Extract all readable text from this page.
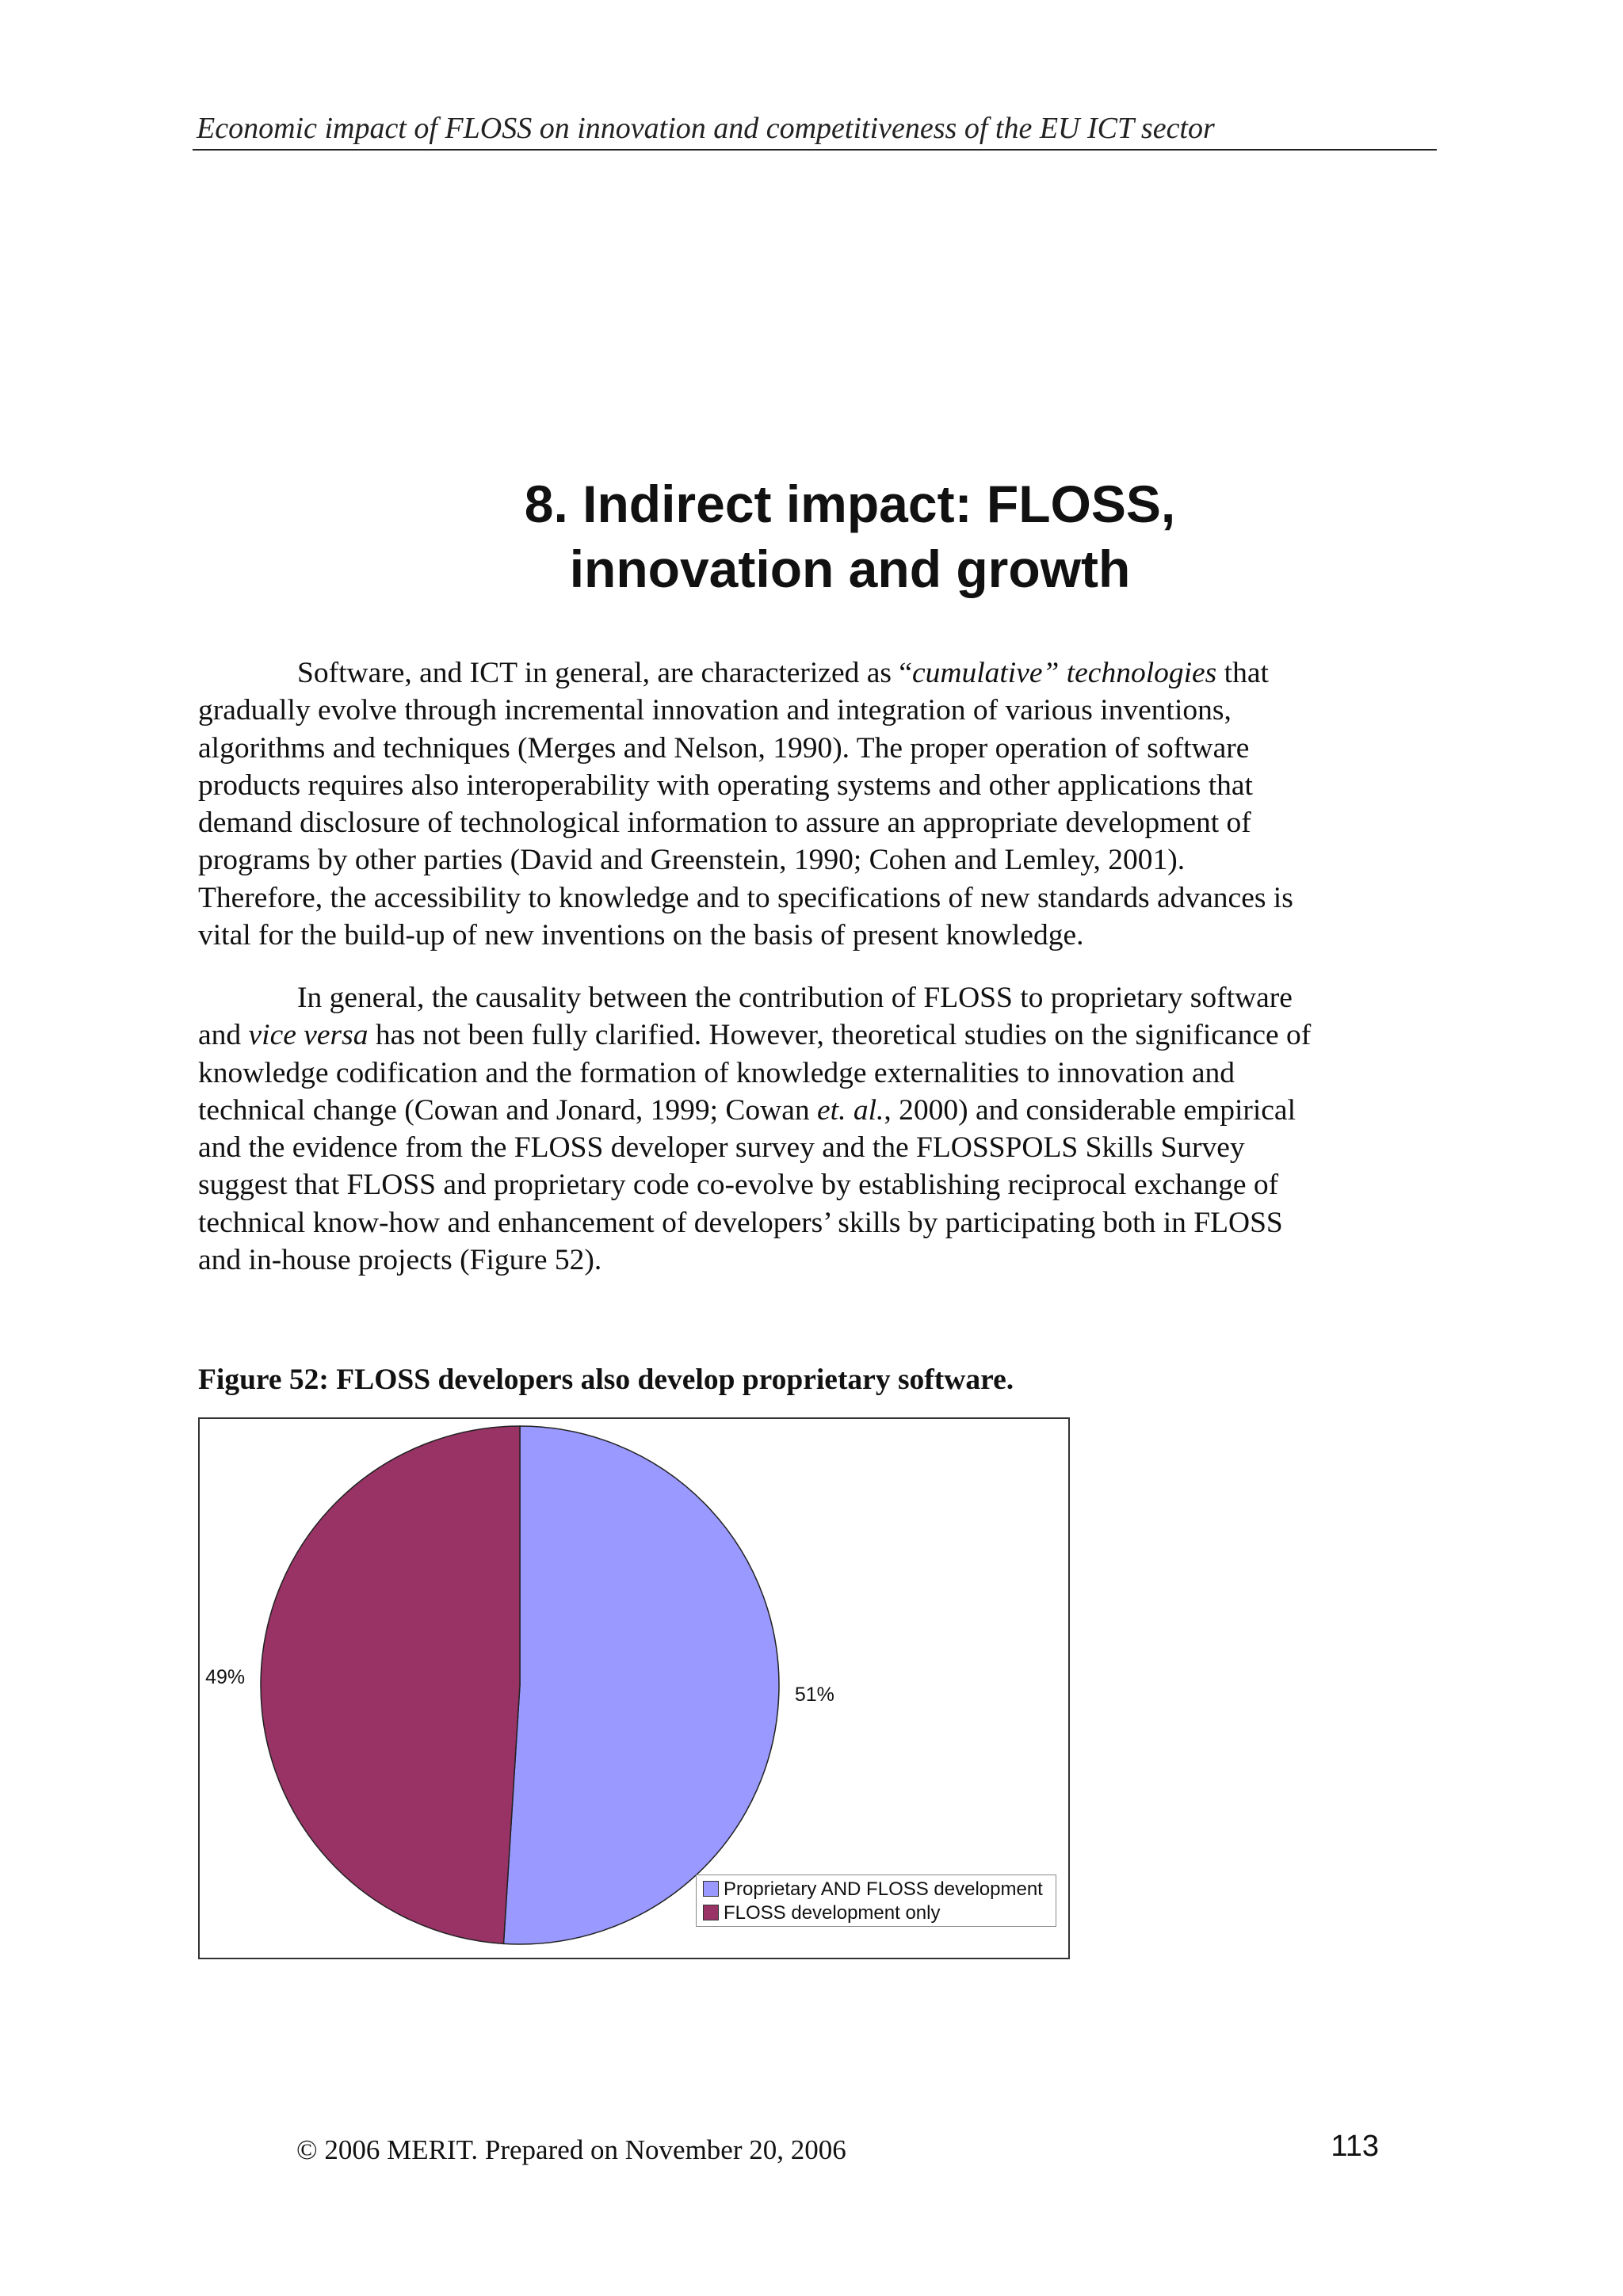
Economic impact of FLOSS on innovation and competitiveness of the EU ICT sector
8. Indirect impact: FLOSS,
innovation and growth
Software, and ICT in general, are characterized as “cumulative” technologies that
gradually evolve through incremental innovation and integration of various inventions,
algorithms and techniques (Merges and Nelson, 1990). The proper operation of software
products requires also interoperability with operating systems and other applications that
demand disclosure of technological information to assure an appropriate development of
programs by other parties (David and Greenstein, 1990; Cohen and Lemley, 2001).
Therefore, the accessibility to knowledge and to specifications of new standards advances is
vital for the build-up of new inventions on the basis of present knowledge.
In general, the causality between the contribution of FLOSS to proprietary software
and vice versa has not been fully clarified. However, theoretical studies on the significance of
knowledge codification and the formation of knowledge externalities to innovation and
technical change (Cowan and Jonard, 1999; Cowan et. al., 2000) and considerable empirical
and the evidence from the FLOSS developer survey and the FLOSSPOLS Skills Survey
suggest that FLOSS and proprietary code co-evolve by establishing reciprocal exchange of
technical know-how and enhancement of developers’ skills by participating both in FLOSS
and in-house projects (Figure 52).
Figure 52: FLOSS developers also develop proprietary software.
51%
49%
Proprietary AND FLOSS development
FLOSS development only
© 2006 MERIT. Prepared on November 20, 2006	113
